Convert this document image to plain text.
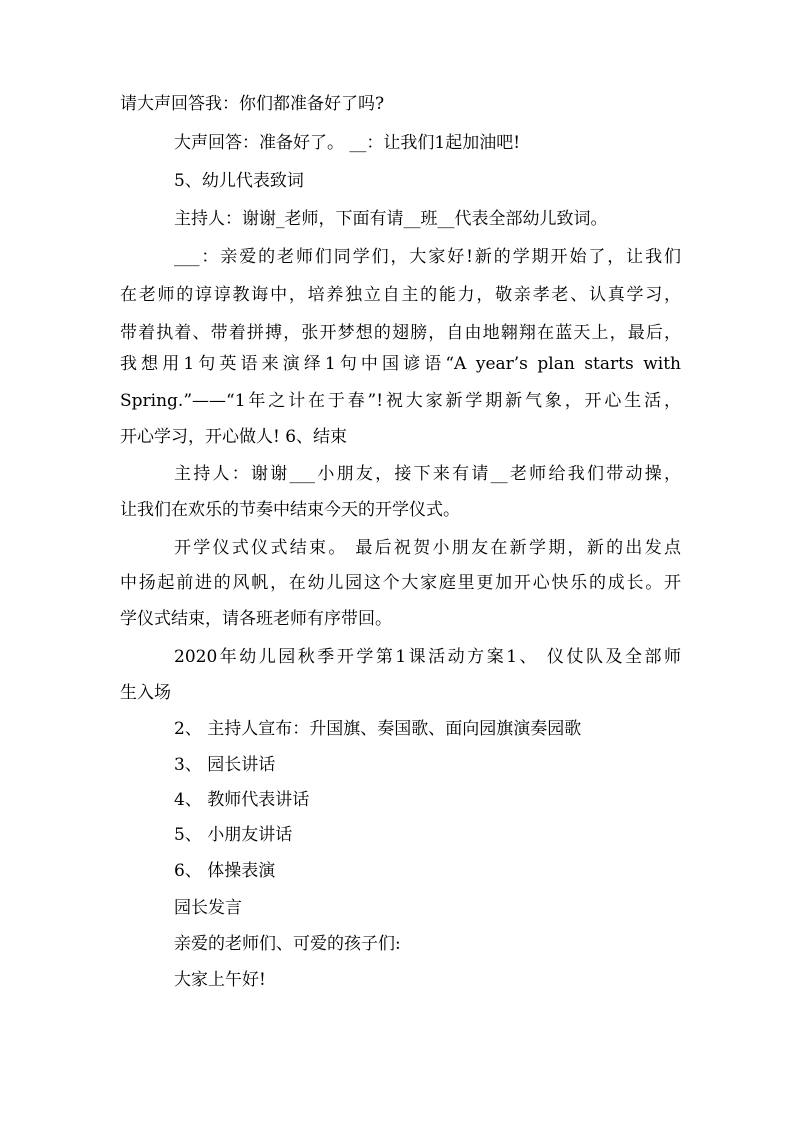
请大声回答我：你们都准备好了吗?
大声回答：准备好了。 __：让我们1起加油吧!
5、幼儿代表致词
主持人：谢谢_老师，下面有请__班__代表全部幼儿致词。
___：亲爱的老师们同学们，大家好!新的学期开始了，让我们
在老师的谆谆教诲中，培养独立自主的能力，敬亲孝老、认真学习，
带着执着、带着拼搏，张开梦想的翅膀，自由地翱翔在蓝天上，最后，
我想用1句英语来演绎1句中国谚语“A year’s plan starts with
Spring.”——“1年之计在于春”!祝大家新学期新气象，开心生活，
开心学习，开心做人! 6、结束
主持人：谢谢___小朋友，接下来有请__老师给我们带动操，
让我们在欢乐的节奏中结束今天的开学仪式。
开学仪式仪式结束。 最后祝贺小朋友在新学期，新的出发点
中扬起前进的风帆，在幼儿园这个大家庭里更加开心快乐的成长。开
学仪式结束，请各班老师有序带回。
2020年幼儿园秋季开学第1课活动方案1、 仪仗队及全部师
生入场
2、 主持人宣布：升国旗、奏国歌、面向园旗演奏园歌
3、 园长讲话
4、 教师代表讲话
5、 小朋友讲话
6、 体操表演
园长发言
亲爱的老师们、可爱的孩子们:
大家上午好!
